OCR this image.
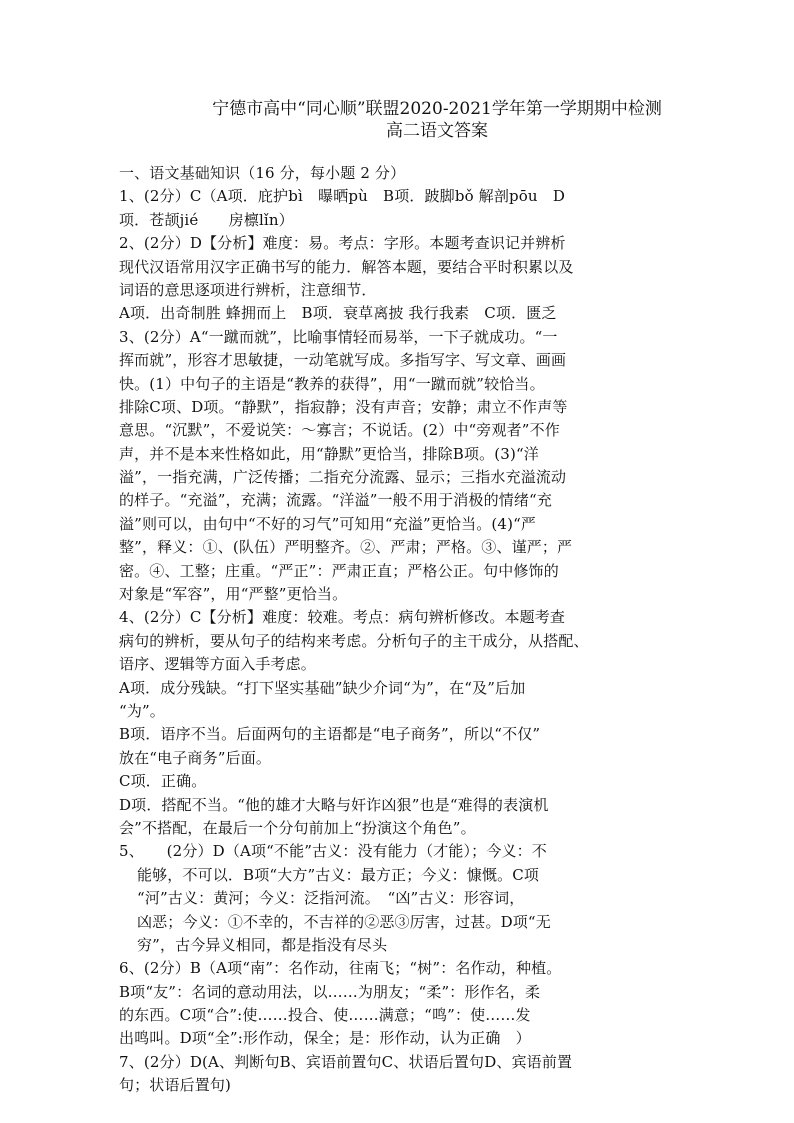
宁德市高中“同心顺”联盟2020-2021学年第一学期期中检测
高二语文答案
一、语文基础知识（16 分，每小题 2 分）
1、(2分）C（A项．庇护bì　曝晒pù　B项．跛脚bǒ 解剖pōu　D
项．苍颉jié　　房檩lǐn）
2、(2分）D【分析】难度：易。考点：字形。本题考查识记并辨析
现代汉语常用汉字正确书写的能力．解答本题，要结合平时积累以及
词语的意思逐项进行辨析，注意细节．
A项．出奇制胜 蜂拥而上　B项．衰草离披 我行我素　C项．匮乏
3、(2分）A“一蹴而就”，比喻事情轻而易举，一下子就成功。“一
挥而就”，形容才思敏捷，一动笔就写成。多指写字、写文章、画画
快。(1）中句子的主语是“教养的获得”，用“一蹴而就”较恰当。
排除C项、D项。“静默”，指寂静；没有声音；安静；肃立不作声等
意思。“沉默”，不爱说笑：～寡言；不说话。(2）中“旁观者”不作
声，并不是本来性格如此，用“静默”更恰当，排除B项。(3)“洋
溢”，一指充满，广泛传播；二指充分流露、显示；三指水充溢流动
的样子。“充溢”，充满；流露。“洋溢”一般不用于消极的情绪“充
溢”则可以，由句中“不好的习气”可知用“充溢”更恰当。(4)“严
整”，释义：①、(队伍）严明整齐。②、严肃；严格。③、谨严；严
密。④、工整；庄重。“严正”：严肃正直；严格公正。句中修饰的
对象是“军容”，用“严整”更恰当。
4、(2分）C【分析】难度：较难。考点：病句辨析修改。本题考查
病句的辨析，要从句子的结构来考虑。分析句子的主干成分，从搭配、
语序、逻辑等方面入手考虑。
A项．成分残缺。“打下坚实基础”缺少介词“为”，在“及”后加
“为”。
B项．语序不当。后面两句的主语都是“电子商务”，所以“不仅”
放在“电子商务”后面。
C项．正确。
D项．搭配不当。“他的雄才大略与奸诈凶狠”也是“难得的表演机
会”不搭配，在最后一个分句前加上“扮演这个角色”。
5、　　(2分）D（A项“不能”古义：没有能力（才能）；今义：不
能够，不可以．B项“大方”古义：最方正；今义：慷慨。C项
“河”古义：黄河；今义：泛指河流。　“凶”古义：形容词，
凶恶；今义：①不幸的，不吉祥的②恶③厉害，过甚。D项“无
穷”，古今异义相同，都是指没有尽头
6、(2分）B（A项“南”：名作动，往南飞；“树”：名作动，种植。
B项“友”：名词的意动用法，以……为朋友；“柔”：形作名，柔
的东西。C项“合”:使……投合、使……满意；“鸣”：使……发
出鸣叫。D项“全”:形作动，保全；是：形作动，认为正确　）
7、(2分）D(A、判断句B、宾语前置句C、状语后置句D、宾语前置
句；状语后置句)
